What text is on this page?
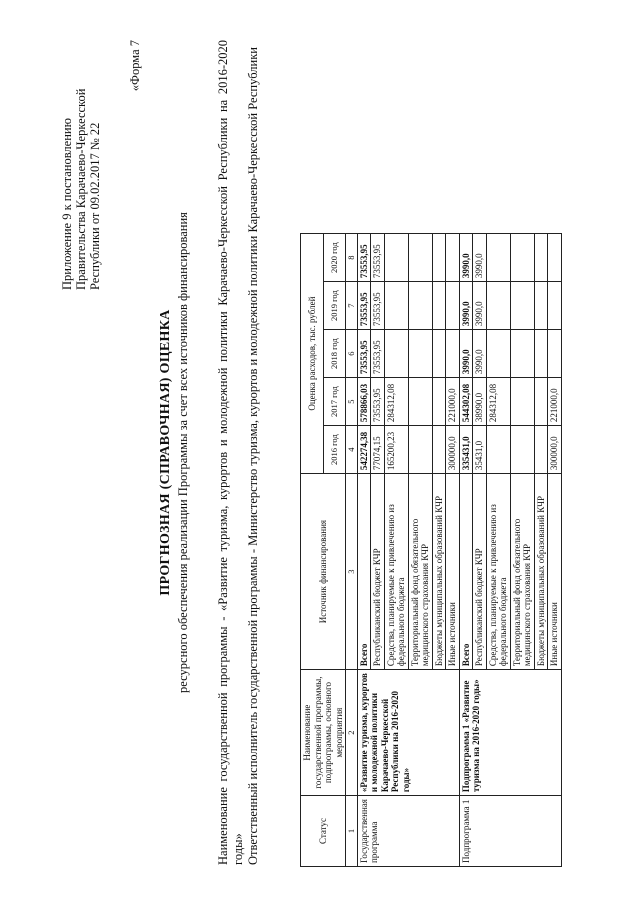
Приложение 9 к постановлению Правительства Карачаево-Черкесской Республики от 09.02.2017 № 22
«Форма 7
ПРОГНОЗНАЯ (СПРАВОЧНАЯ) ОЦЕНКА ресурсного обеспечения реализации Программы за счет всех источников финансирования Наименование государственной программы - «Развитие туризма, курортов и молодежной политики Карачаево-Черкесской Республики на 2016-2020 годы» Ответственный исполнитель государственной программы - Министерство туризма, курортов и молодежной политики Карачаево-Черкесской Республики	Статус	Наименование государственной программы, подпрограммы, основного мероприятия	Источник финансирования	Оценка расходов, тыс. рублей				
			2016 год	2017 год	2018 год	2019 год	2020 год
1	2	3	4	5	6	7	8
Государственная программа	«Развитие туризма, курортов и молодежной политики Карачаево-Черкесской Республики на 2016-2020 годы»	Всего	542274,38	578866,03	73553,95	73553,95	73553,95
		Республиканский бюджет КЧР	77074,15	73553,95	73553,95	73553,95	73553,95
		Средства, планируемые к привлечению из федерального бюджета	165200,23	284312,08			
		Территориальный фонд обязательного медицинского страхования КЧР					
		Бюджеты муниципальных образований КЧР					
		Иные источники	300000,0	221000,0			
Подпрограмма 1	Подпрограмма 1 «Развитие туризма на 2016-2020 годы»	Всего	335431,0	544302,08	3990,0	3990,0	3990,0
		Республиканский бюджет КЧР	35431,0	38990,0	3990,0	3990,0	3990,0
		Средства, планируемые к привлечению из федерального бюджета		284312,08			
		Территориальный фонд обязательного медицинского страхования КЧР					
		Бюджеты муниципальных образований КЧР					
		Иные источники	300000,0	221000,0			
